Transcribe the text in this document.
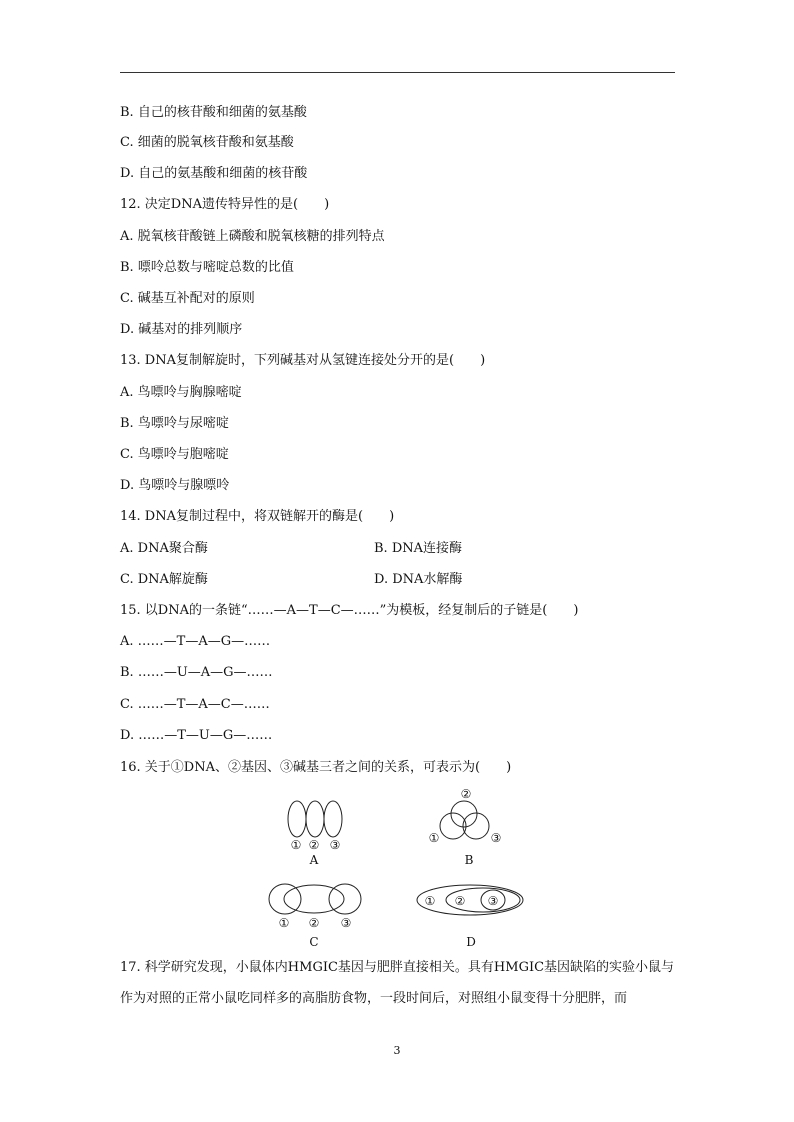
B. 自己的核苷酸和细菌的氨基酸
C. 细菌的脱氧核苷酸和氨基酸
D. 自己的氨基酸和细菌的核苷酸
12. 决定DNA遗传特异性的是(　　)
A. 脱氧核苷酸链上磷酸和脱氧核糖的排列特点
B. 嘌呤总数与嘧啶总数的比值
C. 碱基互补配对的原则
D. 碱基对的排列顺序
13. DNA复制解旋时，下列碱基对从氢键连接处分开的是(　　)
A. 鸟嘌呤与胸腺嘧啶
B. 鸟嘌呤与尿嘧啶
C. 鸟嘌呤与胞嘧啶
D. 鸟嘌呤与腺嘌呤
14. DNA复制过程中，将双链解开的酶是(　　)
A. DNA聚合酶	B. DNA连接酶
C. DNA解旋酶	D. DNA水解酶
15. 以DNA的一条链“……—A—T—C—……”为模板，经复制后的子链是(　　)
A. ……—T—A—G—……
B. ……—U—A—G—……
C. ……—T—A—C—……
D. ……—T—U—G—……
16. 关于①DNA、②基因、③碱基三者之间的关系，可表示为(　　)
① ② ③
A
②
①	③
B
① ② ③
C
① ② ③
D
17. 科学研究发现，小鼠体内HMGIC基因与肥胖直接相关。具有HMGIC基因缺陷的实验小鼠与作为对照的正常小鼠吃同样多的高脂肪食物，一段时间后，对照组小鼠变得十分肥胖，而
3
